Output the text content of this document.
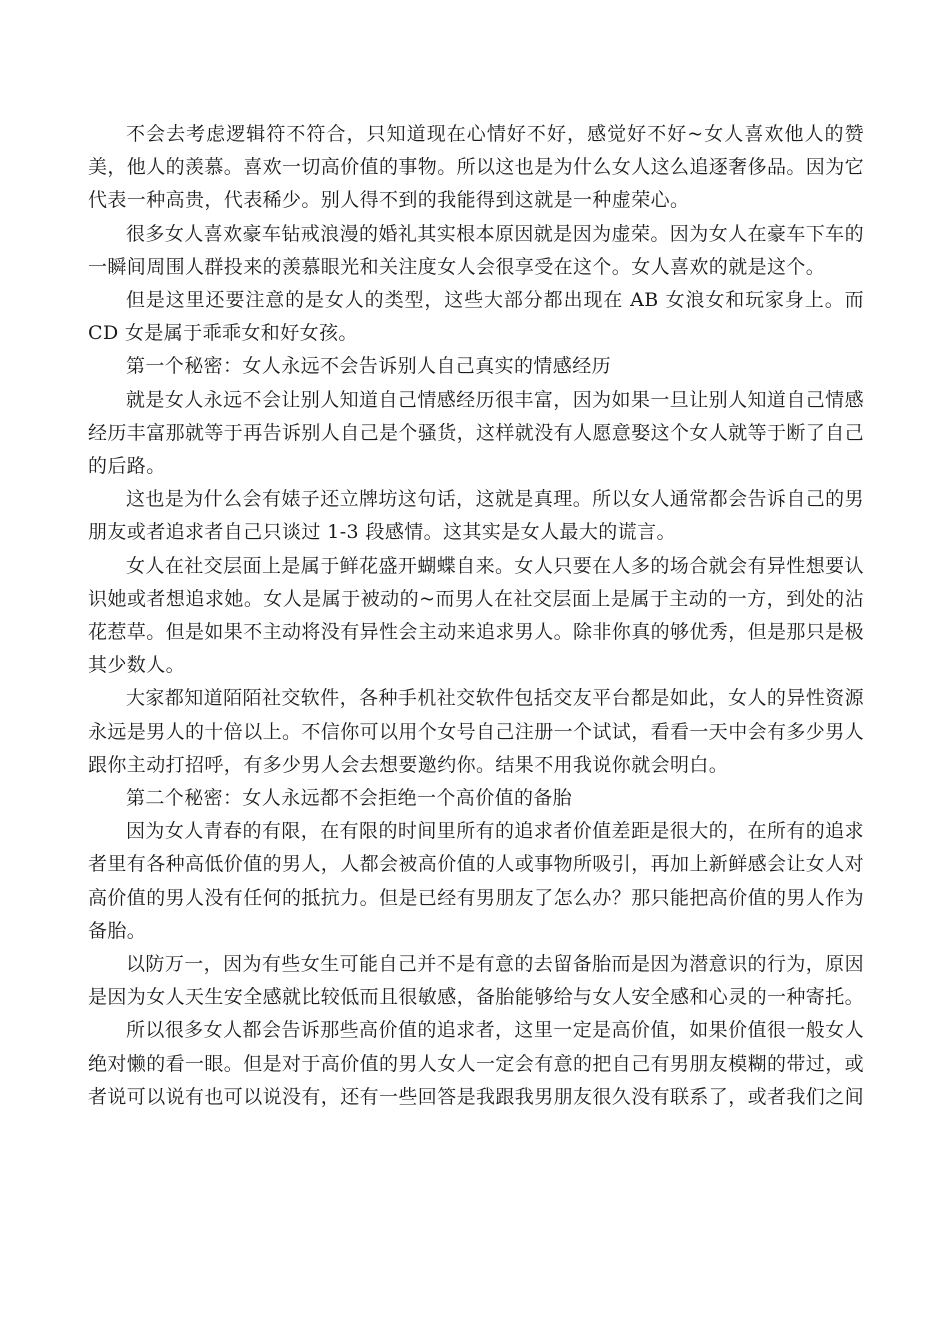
不会去考虑逻辑符不符合，只知道现在心情好不好，感觉好不好~女人喜欢他人的赞美，他人的羡慕。喜欢一切高价值的事物。所以这也是为什么女人这么追逐奢侈品。因为它代表一种高贵，代表稀少。别人得不到的我能得到这就是一种虚荣心。

很多女人喜欢豪车钻戒浪漫的婚礼其实根本原因就是因为虚荣。因为女人在豪车下车的一瞬间周围人群投来的羡慕眼光和关注度女人会很享受在这个。女人喜欢的就是这个。

但是这里还要注意的是女人的类型，这些大部分都出现在 AB 女浪女和玩家身上。而 CD 女是属于乖乖女和好女孩。

第一个秘密：女人永远不会告诉别人自己真实的情感经历

就是女人永远不会让别人知道自己情感经历很丰富，因为如果一旦让别人知道自己情感经历丰富那就等于再告诉别人自己是个骚货，这样就没有人愿意娶这个女人就等于断了自己的后路。

这也是为什么会有婊子还立牌坊这句话，这就是真理。所以女人通常都会告诉自己的男朋友或者追求者自己只谈过 1-3 段感情。这其实是女人最大的谎言。

女人在社交层面上是属于鲜花盛开蝴蝶自来。女人只要在人多的场合就会有异性想要认识她或者想追求她。女人是属于被动的~而男人在社交层面上是属于主动的一方，到处的沾花惹草。但是如果不主动将没有异性会主动来追求男人。除非你真的够优秀，但是那只是极其少数人。

大家都知道陌陌社交软件，各种手机社交软件包括交友平台都是如此，女人的异性资源永远是男人的十倍以上。不信你可以用个女号自己注册一个试试，看看一天中会有多少男人跟你主动打招呼，有多少男人会去想要邀约你。结果不用我说你就会明白。

第二个秘密：女人永远都不会拒绝一个高价值的备胎

因为女人青春的有限，在有限的时间里所有的追求者价值差距是很大的，在所有的追求者里有各种高低价值的男人，人都会被高价值的人或事物所吸引，再加上新鲜感会让女人对高价值的男人没有任何的抵抗力。但是已经有男朋友了怎么办？那只能把高价值的男人作为备胎。

以防万一，因为有些女生可能自己并不是有意的去留备胎而是因为潜意识的行为，原因是因为女人天生安全感就比较低而且很敏感，备胎能够给与女人安全感和心灵的一种寄托。

所以很多女人都会告诉那些高价值的追求者，这里一定是高价值，如果价值很一般女人绝对懒的看一眼。但是对于高价值的男人女人一定会有意的把自己有男朋友模糊的带过，或者说可以说有也可以说没有，还有一些回答是我跟我男朋友很久没有联系了，或者我们之间
